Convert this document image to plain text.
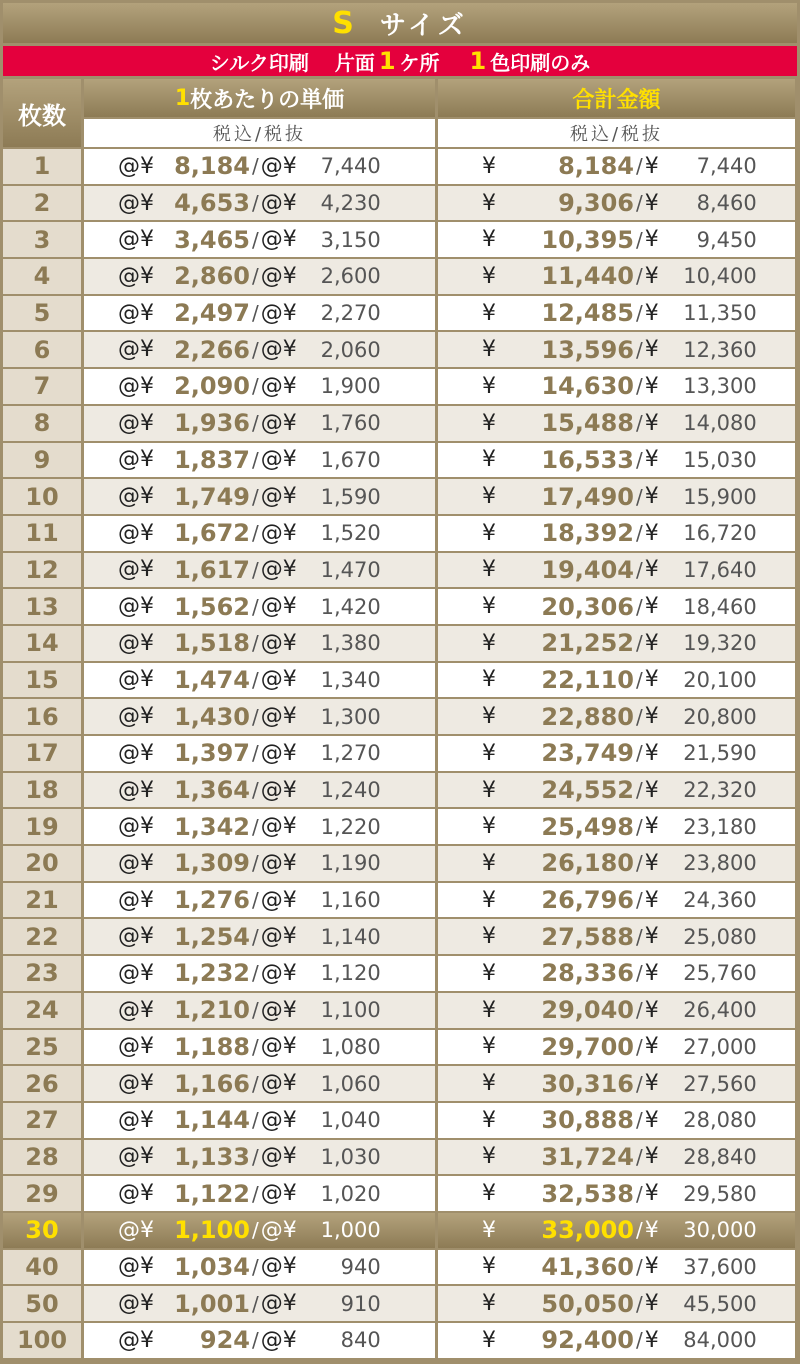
S サイズ
シルク印刷 片面 1 ケ所 1 色印刷のみ
枚数
1 枚あたりの単価
税込/税抜
合計金額
税込/税抜
1	@¥ 8,184 / @¥	7,440	¥	8,184 / ¥	7,440
2	@¥ 4,653 / @¥	4,230	¥	9,306 / ¥	8,460
3	@¥ 3,465 / @¥	3,150	¥	10,395 / ¥	9,450
4	@¥ 2,860 / @¥	2,600	¥	11,440 / ¥	10,400
5	@¥ 2,497 / @¥	2,270	¥	12,485 / ¥	11,350
6	@¥ 2,266 / @¥	2,060	¥	13,596 / ¥	12,360
7	@¥ 2,090 / @¥	1,900	¥	14,630 / ¥	13,300
8	@¥ 1,936 / @¥	1,760	¥	15,488 / ¥	14,080
9	@¥ 1,837 / @¥	1,670	¥	16,533 / ¥	15,030
10	@¥ 1,749 / @¥	1,590	¥	17,490 / ¥	15,900
11	@¥ 1,672 / @¥	1,520	¥	18,392 / ¥	16,720
12	@¥ 1,617 / @¥	1,470	¥	19,404 / ¥	17,640
13	@¥ 1,562 / @¥	1,420	¥	20,306 / ¥	18,460
14	@¥ 1,518 / @¥	1,380	¥	21,252 / ¥	19,320
15	@¥ 1,474 / @¥	1,340	¥	22,110 / ¥	20,100
16	@¥ 1,430 / @¥	1,300	¥	22,880 / ¥	20,800
17	@¥ 1,397 / @¥	1,270	¥	23,749 / ¥	21,590
18	@¥ 1,364 / @¥	1,240	¥	24,552 / ¥	22,320
19	@¥ 1,342 / @¥	1,220	¥	25,498 / ¥	23,180
20	@¥ 1,309 / @¥	1,190	¥	26,180 / ¥	23,800
21	@¥ 1,276 / @¥	1,160	¥	26,796 / ¥	24,360
22	@¥ 1,254 / @¥	1,140	¥	27,588 / ¥	25,080
23	@¥ 1,232 / @¥	1,120	¥	28,336 / ¥	25,760
24	@¥ 1,210 / @¥	1,100	¥	29,040 / ¥	26,400
25	@¥ 1,188 / @¥	1,080	¥	29,700 / ¥	27,000
26	@¥ 1,166 / @¥	1,060	¥	30,316 / ¥	27,560
27	@¥ 1,144 / @¥	1,040	¥	30,888 / ¥	28,080
28	@¥ 1,133 / @¥	1,030	¥	31,724 / ¥	28,840
29	@¥ 1,122 / @¥	1,020	¥	32,538 / ¥	29,580
30	@¥ 1,100 / @¥	1,000	¥	33,000 / ¥	30,000
40	@¥ 1,034 / @¥	940	¥	41,360 / ¥	37,600
50	@¥ 1,001 / @¥	910	¥	50,050 / ¥	45,500
100	@¥	924 / @¥	840	¥	92,400 / ¥	84,000
